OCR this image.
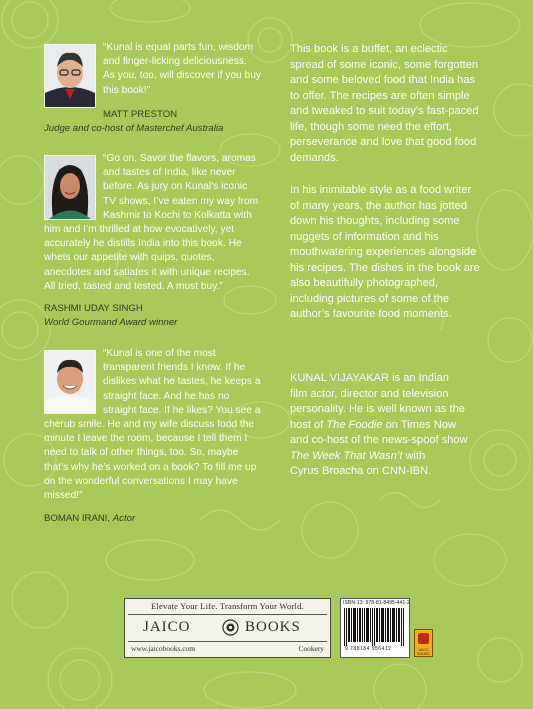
“Kunal is equal parts fun, wisdom
and finger-licking deliciousness.
As you, too, will discover if you buy
this book!”
MATT PRESTON
Judge and co-host of Masterchef Australia
“Go on. Savor the flavors, aromas
and tastes of India, like never
before. As jury on Kunal’s iconic
TV shows, I’ve eaten my way from
Kashmir to Kochi to Kolkatta with
him and I’m thrilled at how evocatively, yet
accurately he distills India into this book. He
whets our appetite with quips, quotes,
anecdotes and satiates it with unique recipes.
All tried, tasted and tested. A must buy.”
RASHMI UDAY SINGH
World Gourmand Award winner
“Kunal is one of the most
transparent friends I know. If he
dislikes what he tastes, he keeps a
straight face. And he has no
straight face. If he likes? You see a
cherub smile. He and my wife discuss food the
minute I leave the room, because I tell them I
need to talk of other things, too. So, maybe
that’s why he’s worked on a book? To fill me up
on the wonderful conversations I may have
missed!”
BOMAN IRANI, Actor
This book is a buffet, an eclectic
spread of some iconic, some forgotten
and some beloved food that India has
to offer. The recipes are often simple
and tweaked to suit today’s fast-paced
life, though some need the effort,
perseverance and love that good food
demands.
In his inimitable style as a food writer
of many years, the author has jotted
down his thoughts, including some
nuggets of information and his
mouthwatering experiences alongside
his recipes. The dishes in the book are
also beautifully photographed,
including pictures of some of the
author’s favourite food moments.
KUNAL VIJAYAKAR is an Indian
film actor, director and television
personality. He is well known as the
host of The Foodie on Times Now
and co-host of the news-spoof show
The Week That Wasn’t with
Cyrus Broacha on CNN-IBN.
Elevate Your Life. Transform Your World.
JAICO	BOOKS
www.jaicobooks.com	Cookery
ISBN-13: 978-81-8495-441-2
9 788184 956412	JAICO BOOKS
